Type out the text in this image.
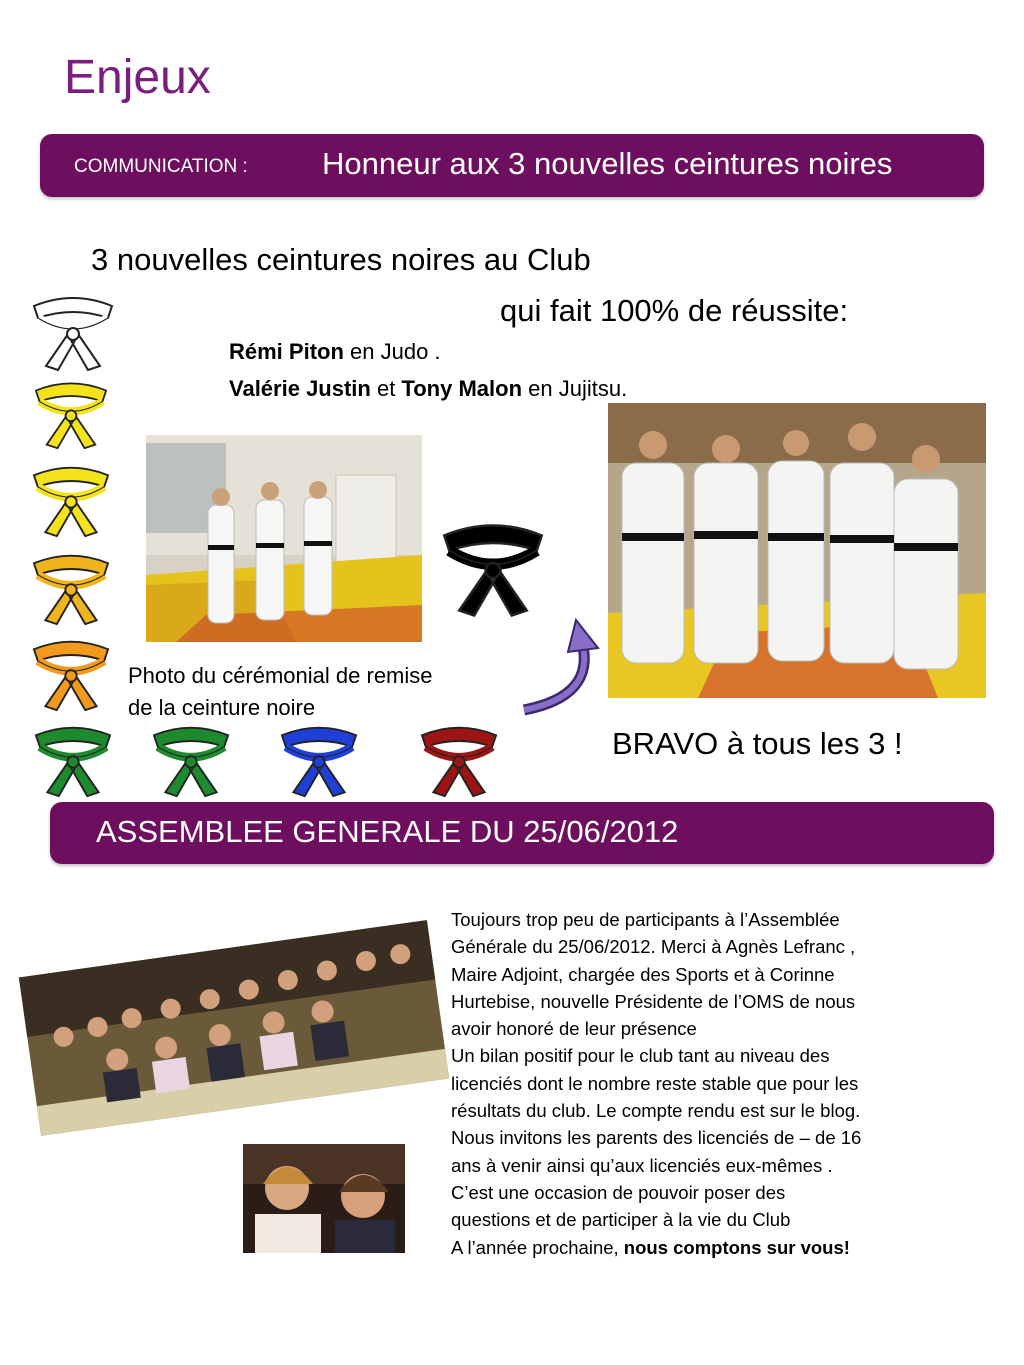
Enjeux
COMMUNICATION : Honneur aux 3 nouvelles ceintures noires
3 nouvelles ceintures noires au Club
qui fait 100% de réussite:
Rémi Piton en Judo .
Valérie Justin et Tony Malon en Jujitsu.
Photo du cérémonial de remise de la ceinture noire
BRAVO à tous les 3 !
ASSEMBLEE GENERALE DU 25/06/2012
Toujours trop peu de participants à l’Assemblée
Générale du 25/06/2012. Merci à Agnès Lefranc ,
Maire Adjoint, chargée des Sports et à Corinne
Hurtebise, nouvelle Présidente de l’OMS de nous
avoir honoré de leur présence
Un bilan positif pour le club tant au niveau des
licenciés dont le nombre reste stable que pour les
résultats du club. Le compte rendu est sur le blog.
Nous invitons les parents des licenciés de – de 16
ans à venir ainsi qu’aux licenciés eux-mêmes .
C’est une occasion de pouvoir poser des
questions et de participer à la vie du Club
A l’année prochaine, nous comptons sur vous!
